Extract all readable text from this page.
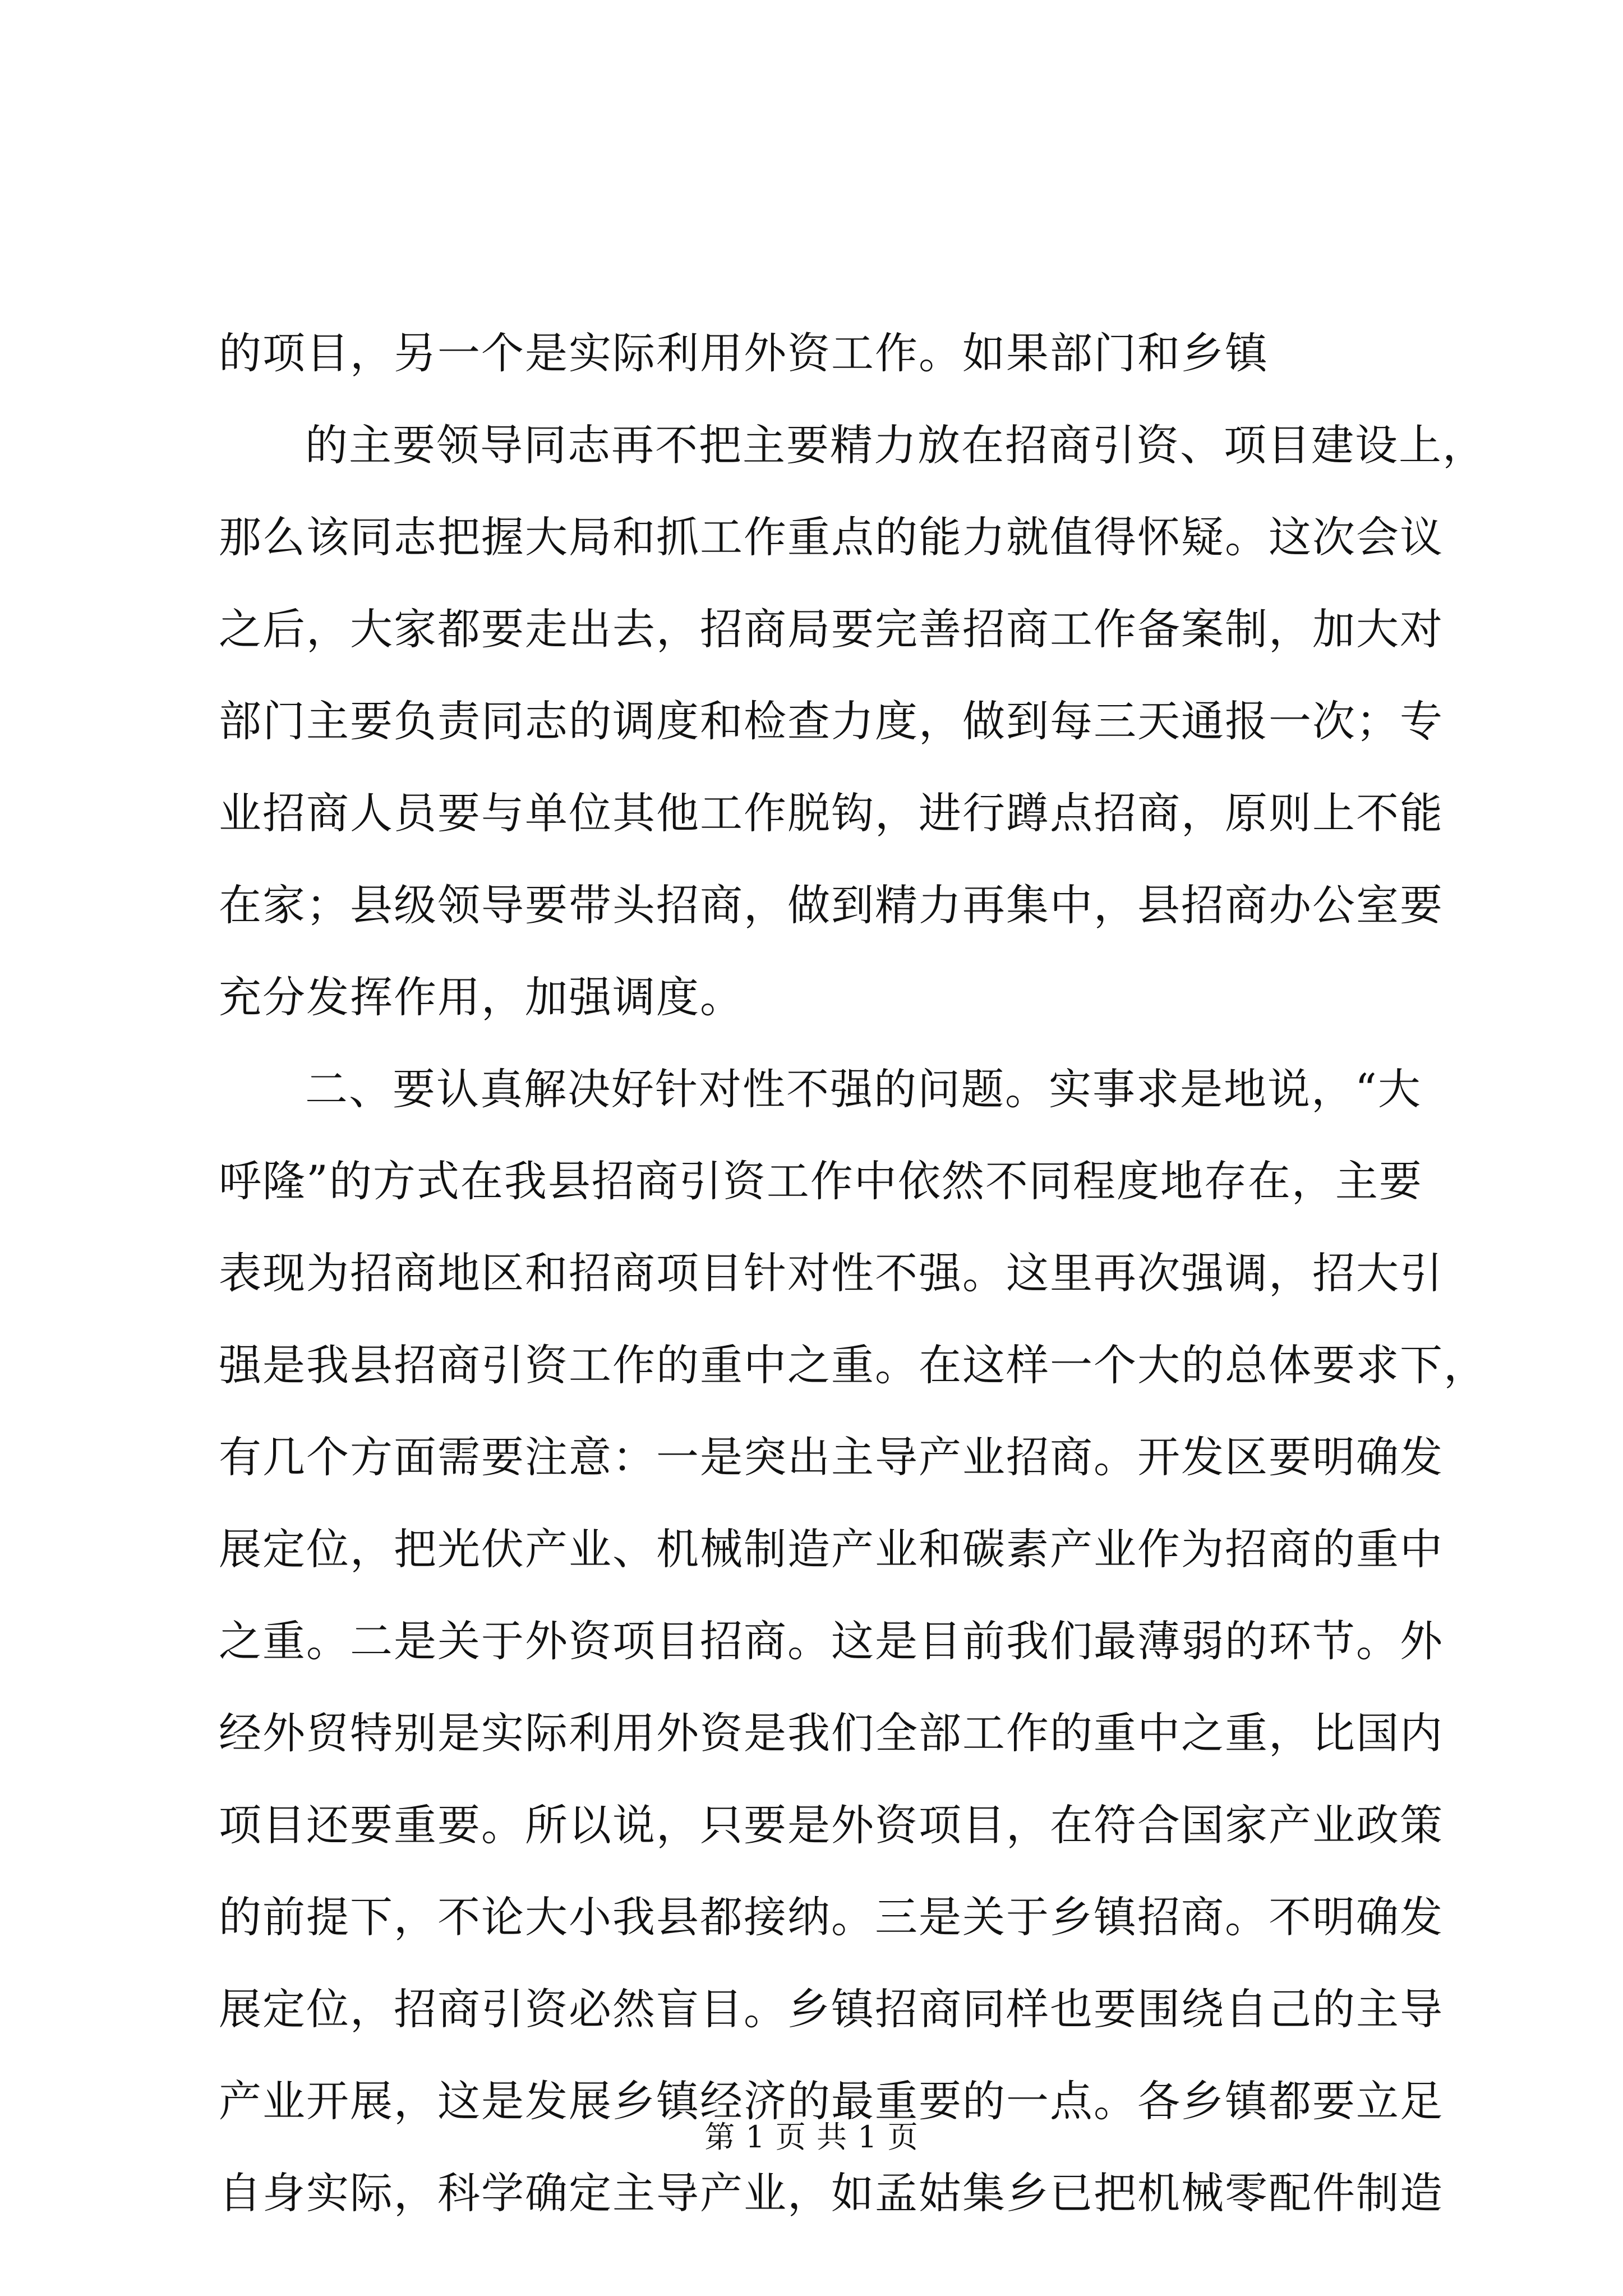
的项目，另一个是实际利用外资工作。如果部门和乡镇
的主要领导同志再不把主要精力放在招商引资、项目建设上，
那么该同志把握大局和抓工作重点的能力就值得怀疑。这次会议
之后，大家都要走出去，招商局要完善招商工作备案制，加大对
部门主要负责同志的调度和检查力度，做到每三天通报一次；专
业招商人员要与单位其他工作脱钩，进行蹲点招商，原则上不能
在家；县级领导要带头招商，做到精力再集中，县招商办公室要
充分发挥作用，加强调度。
二、要认真解决好针对性不强的问题。实事求是地说，“大
呼隆”的方式在我县招商引资工作中依然不同程度地存在，主要
表现为招商地区和招商项目针对性不强。这里再次强调，招大引
强是我县招商引资工作的重中之重。在这样一个大的总体要求下，
有几个方面需要注意：一是突出主导产业招商。开发区要明确发
展定位，把光伏产业、机械制造产业和碳素产业作为招商的重中
之重。二是关于外资项目招商。这是目前我们最薄弱的环节。外
经外贸特别是实际利用外资是我们全部工作的重中之重，比国内
项目还要重要。所以说，只要是外资项目，在符合国家产业政策
的前提下，不论大小我县都接纳。三是关于乡镇招商。不明确发
展定位，招商引资必然盲目。乡镇招商同样也要围绕自己的主导
产业开展，这是发展乡镇经济的最重要的一点。各乡镇都要立足
自身实际，科学确定主导产业，如孟姑集乡已把机械零配件制造
第 1 页 共 1 页
